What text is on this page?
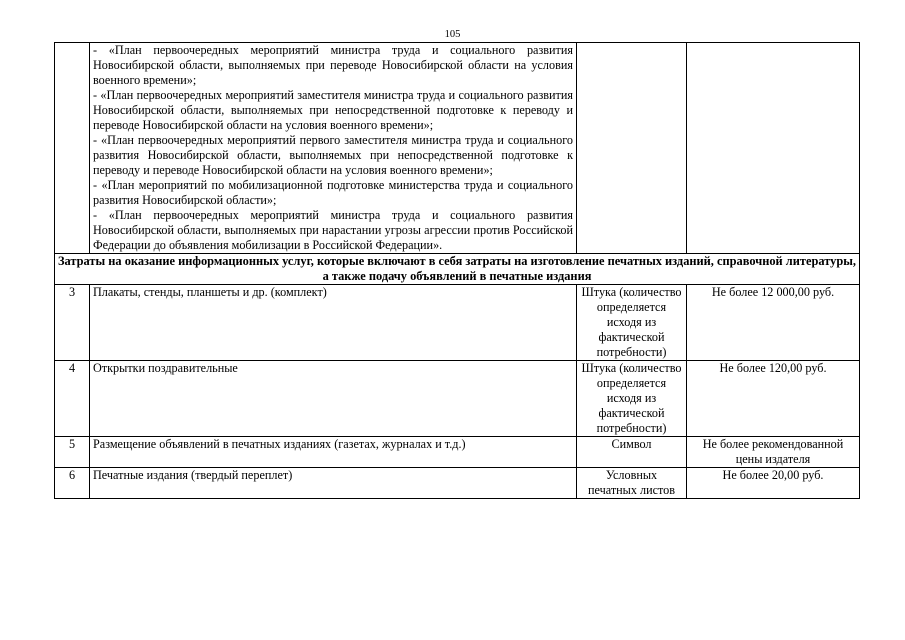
105

	- «План первоочередных мероприятий министра труда и социального развития Новосибирской области, выполняемых при переводе Новосибирской области на условия военного времени»;
- «План первоочередных мероприятий заместителя министра труда и социального развития Новосибирской области, выполняемых при непосредственной подготовке к переводу и переводе Новосибирской области на условия военного времени»;
- «План первоочередных мероприятий первого заместителя министра труда и социального развития Новосибирской области, выполняемых при непосредственной подготовке к переводу и переводе Новосибирской области на условия военного времени»;
- «План мероприятий по мобилизационной подготовке министерства труда и социального развития Новосибирской области»;
- «План первоочередных мероприятий министра труда и социального развития Новосибирской области, выполняемых при нарастании угрозы агрессии против Российской Федерации до объявления мобилизации в Российской Федерации».		

Затраты на оказание информационных услуг, которые включают в себя затраты на изготовление печатных изданий, справочной литературы, а также подачу объявлений в печатные издания			
3	Плакаты, стенды, планшеты и др. (комплект)	Штука (количество определяется исходя из фактической потребности)	Не более 12 000,00 руб.
4	Открытки поздравительные	Штука (количество определяется исходя из фактической потребности)	Не более 120,00 руб.
5	Размещение объявлений в печатных изданиях (газетах, журналах и т.д.)	Символ	Не более рекомендованной цены издателя
6	Печатные издания (твердый переплет)	Условных печатных листов	Не более 20,00 руб.
